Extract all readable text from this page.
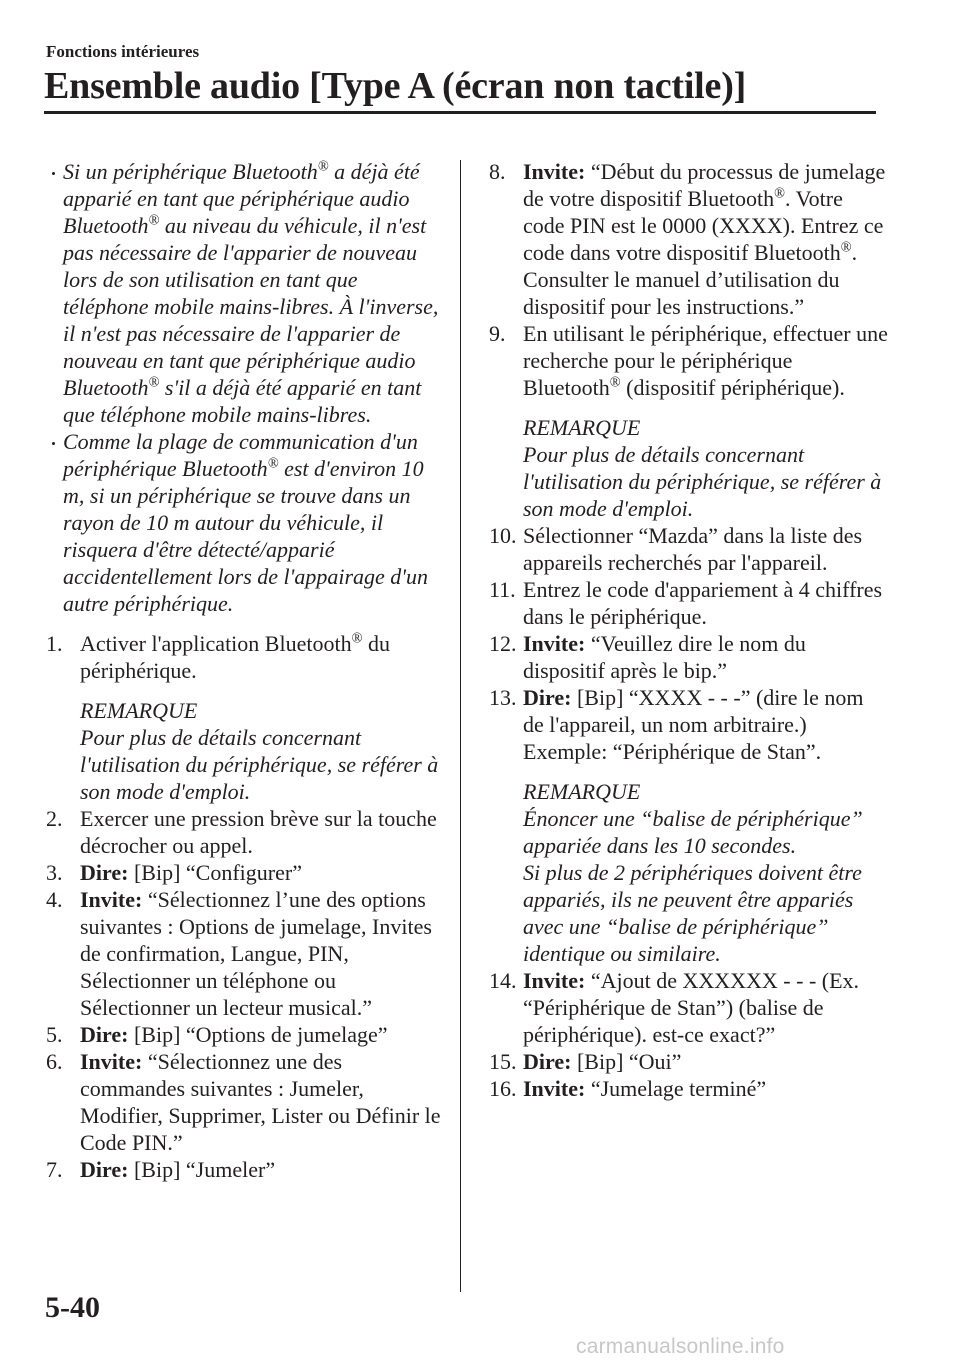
Fonctions intérieures
Ensemble audio [Type A (écran non tactile)]

Si un périphérique Bluetooth® a déjà été apparié en tant que périphérique audio Bluetooth® au niveau du véhicule, il n'est pas nécessaire de l'apparier de nouveau lors de son utilisation en tant que téléphone mobile mains-libres. À l'inverse, il n'est pas nécessaire de l'apparier de nouveau en tant que périphérique audio Bluetooth® s'il a déjà été apparié en tant que téléphone mobile mains-libres.

Comme la plage de communication d'un périphérique Bluetooth® est d'environ 10 m, si un périphérique se trouve dans un rayon de 10 m autour du véhicule, il risquera d'être détecté/apparié accidentellement lors de l'appairage d'un autre périphérique.

1. Activer l'application Bluetooth® du périphérique.
REMARQUE
Pour plus de détails concernant l'utilisation du périphérique, se référer à son mode d'emploi.
2. Exercer une pression brève sur la touche décrocher ou appel.
3. Dire: [Bip] “Configurer”
4. Invite: “Sélectionnez l’une des options suivantes : Options de jumelage, Invites de confirmation, Langue, PIN, Sélectionner un téléphone ou Sélectionner un lecteur musical.”
5. Dire: [Bip] “Options de jumelage”
6. Invite: “Sélectionnez une des commandes suivantes : Jumeler, Modifier, Supprimer, Lister ou Définir le Code PIN.”
7. Dire: [Bip] “Jumeler”
8. Invite: “Début du processus de jumelage de votre dispositif Bluetooth®. Votre code PIN est le 0000 (XXXX). Entrez ce code dans votre dispositif Bluetooth®. Consulter le manuel d’utilisation du dispositif pour les instructions.”
9. En utilisant le périphérique, effectuer une recherche pour le périphérique Bluetooth® (dispositif périphérique).
REMARQUE
Pour plus de détails concernant l'utilisation du périphérique, se référer à son mode d'emploi.
10. Sélectionner “Mazda” dans la liste des appareils recherchés par l'appareil.
11. Entrez le code d'appariement à 4 chiffres dans le périphérique.
12. Invite: “Veuillez dire le nom du dispositif après le bip.”
13. Dire: [Bip] “XXXX - - -” (dire le nom de l'appareil, un nom arbitraire.)
Exemple: “Périphérique de Stan”.
REMARQUE
Énoncer une “balise de périphérique” appariée dans les 10 secondes.
Si plus de 2 périphériques doivent être appariés, ils ne peuvent être appariés avec une “balise de périphérique” identique ou similaire.
14. Invite: “Ajout de XXXXXX - - - (Ex. “Périphérique de Stan”) (balise de périphérique). est-ce exact?”
15. Dire: [Bip] “Oui”
16. Invite: “Jumelage terminé”
5-40
carmanualsonline.info
